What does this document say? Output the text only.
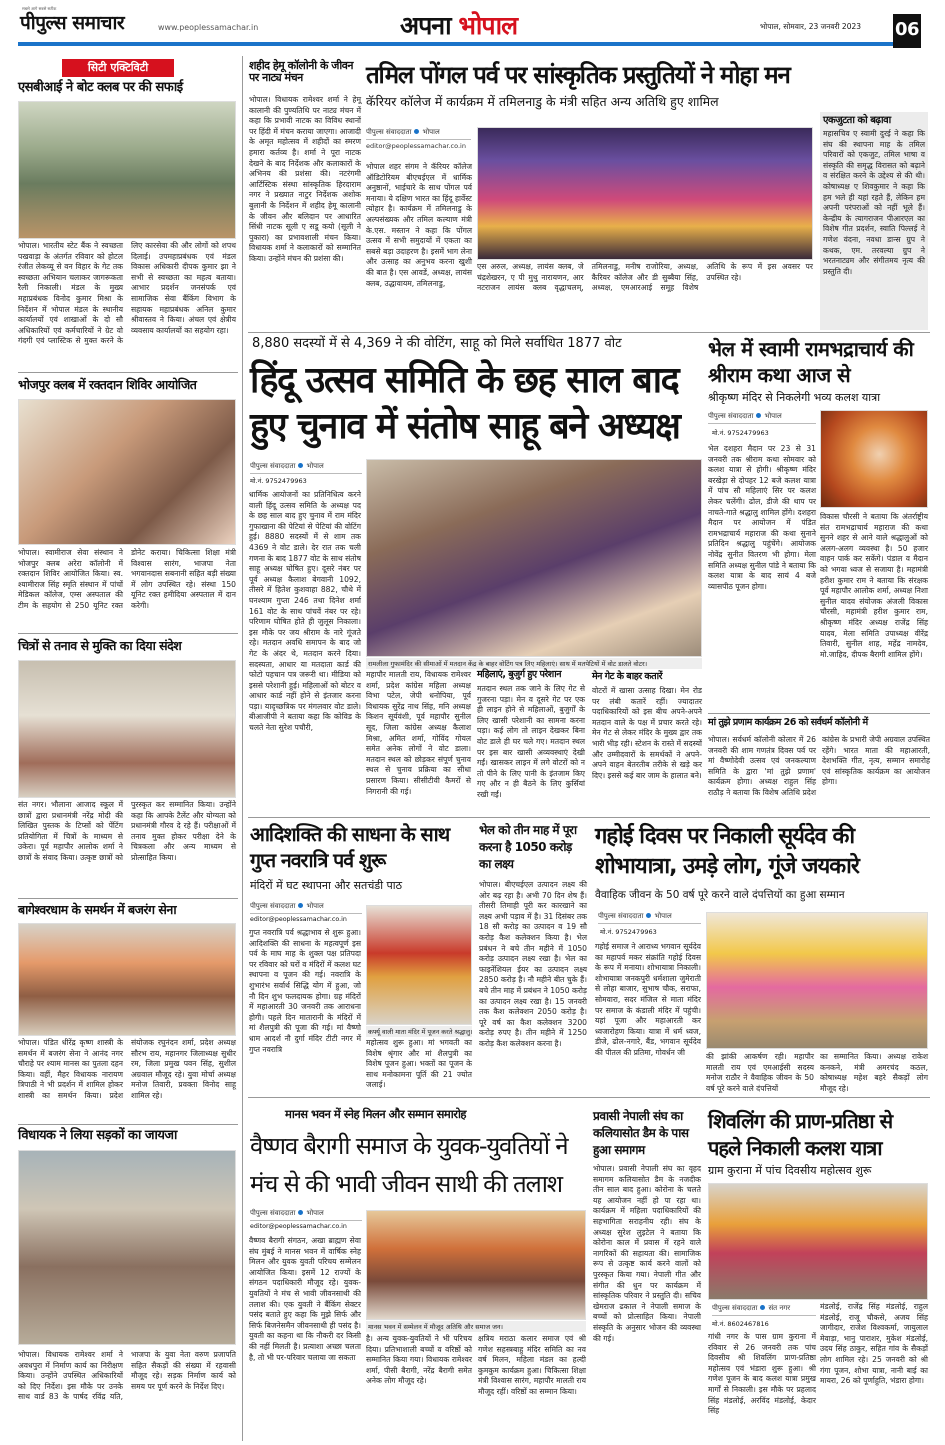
सबसे आगे सबसे सटीक
पीपुल्स समाचार	www.peoplessamachar.in	अपना भोपाल	भोपाल, सोमवार, 23 जनवरी 2023	06
सिटी एक्टिविटी
एसबीआई ने बोट क्लब पर की सफाई
भोपाल। भारतीय स्टेट बैंक ने स्वच्छता पखवाड़ा के अंतर्गत रविवार को होटल रंजीत लेकव्यू से वन विहार के गेट तक स्वच्छता अभियान चलाकर जागरूकता रैली निकाली। मंडल के मुख्य महाप्रबंधक विनोद कुमार मिश्रा के निर्देशन में भोपाल मंडल के स्थानीय कार्यालयों एवं शाखाओं के दो सौ अधिकारियों एवं कर्मचारियों ने ग्रेट वो गंदगी एवं प्लास्टिक से मुक्त करने के लिए कारसेवा की और लोगों को शपथ दिलाई। उपमहाप्रबंधक एवं मंडल विकास अधिकारी दीपक कुमार झा ने सभी से स्वच्छता का महत्व बताया। आभार प्रदर्शन जनसंपर्क एवं सामाजिक सेवा बैंकिंग विभाग के सहायक महाप्रबंधक अनिल कुमार श्रीवास्तव ने किया। अंचल एवं क्षेत्रीय व्यवसाय कार्यालयों का सहयोग रहा।
भोजपुर क्लब में रक्तदान शिविर आयोजित
भोपाल। स्वामीराज सेवा संस्थान ने भोजपुर क्लब अरेरा कॉलोनी में रक्तदान शिविर आयोजित किया। स्व. श्यामीराज सिंह स्मृति संस्थान में पांचों मेडिकल कॉलेज, एम्स अस्पताल की टीम के सहयोग से 250 यूनिट रक्त डोनेट कराया। चिकित्सा शिक्षा मंत्री विश्वास सारंग, भाजपा नेता भगवानदास सबनानी सहित बड़ी संख्या में लोग उपस्थित रहे। संस्था 150 यूनिट रक्त हमीदिया अस्पताल में दान करेगी।
चित्रों से तनाव से मुक्ति का दिया संदेश
संत नगर। भौलाना आजाद स्कूल में छात्रों द्वारा प्रधानमंत्री नरेंद्र मोदी की लिखित पुस्तक के टिप्सों को पेंटिंग प्रतियोगिता में चित्रों के माध्यम से उकेरा। पूर्व महापौर आलोक शर्मा ने छात्रों के संवाद किया। उत्कृष्ट छात्रों को पुरस्कृत कर सम्मानित किया। उन्होंने कहा कि आपके टैलेंट और योग्यता को प्रधानमंत्री गौरव दे रहे हैं। परीक्षाओं में तनाव मुक्त होकर परीक्षा देने के चित्रकला और अन्य माध्यम से प्रोत्साहित किया।
बागेश्वरधाम के समर्थन में बजरंग सेना
भोपाल। पंडित धीरेंद्र कृष्ण शास्त्री के समर्थन में बजरंग सेना ने आनंद नगर चौराहे पर श्याम मानस का पुतला दहन किया। वहीं, मैहर विधायक नारायण त्रिपाठी ने भी प्रदर्शन में शामिल होकर शास्त्री का समर्थन किया। प्रदेश संयोजक रघुनंदन शर्मा, प्रदेश अध्यक्ष सौरभ राय, महानगर जिलाध्यक्ष सुधीर रम, जिला प्रमुख पवन सिंह, सुशील अग्रवाल मौजूद रहे। युवा मोर्चा अध्यक्ष मनोज तिवारी, प्रवक्ता विनोद साहू शामिल रहे।
विधायक ने लिया सड़कों का जायजा
भोपाल। विधायक रामेश्वर शर्मा ने अवधपुरा में निर्माण कार्य का निरीक्षण किया। उन्होंने उपस्थित अधिकारियों को दिए निर्देश। इस मौके पर उनके साथ वार्ड 83 के पार्षद रविंद्र यति, भाजपा के युवा नेता वरुण प्रजापति सहित सैकड़ों की संख्या में रहवासी मौजूद रहे। सड़क निर्माण कार्य को समय पर पूर्ण करने के निर्देश दिए।
शहीद हेमू कॉलोनी के जीवन पर नाट्य मंचन
भोपाल। विधायक रामेश्वर शर्मा ने हेमू कालानी की पुण्यतिथि पर नाट्य मंचन में कहा कि प्रभावी नाटक का विविध स्थानों पर हिंदी में मंचन कराया जाएगा। आजादी के अमृत महोत्सव में शहीदों का स्मरण हमारा कर्तव्य है। शर्मा ने पूरा नाटक देखने के बाद निर्देशक और कलाकारों के अभिनय की प्रशंसा की। नटरंगमी आर्टिस्टिक संस्था सांस्कृतिक हिरदाराम नगर ने प्रख्यात नाटुर निर्देशक अशोक बुलानी के निर्देशन में शहीद हेमू कालानी के जीवन और बलिदान पर आधारित सिंधी नाटक सूली ए सडू कयो (सूली ने पुकारा) का प्रभावशाली मंचन किया। विधायक शर्मा ने कलाकारों को सम्मानित किया। उन्होंने मंचन की प्रशंसा की।
तमिल पोंगल पर्व पर सांस्कृतिक प्रस्तुतियों ने मोहा मन
कॅरियर कॉलेज में कार्यक्रम में तमिलनाडु के मंत्री सहित अन्य अतिथि हुए शामिल
पीपुल्स संवाददाता भोपाल
editor@peoplessamachar.co.in
भोपाल शहर संगम ने कॅरियर कॉलेज ऑडिटोरियम बीएचईएल में धार्मिक अनुष्ठानों, भाईचारे के साथ पोंगल पर्व मनाया। ये दक्षिण भारत का हिंदू हार्वेस्ट त्योहार है। कार्यक्रम में तमिलनाडु के अल्पसंख्यक और तमिल कल्याण मंत्री के.एस. मस्तान ने कहा कि पोंगल उत्सव में सभी समुदायों में एकता का सबसे बड़ा उदाहरण है। इसमें भाग लेना और उत्साह का अनुभव करना खुशी की बात है। एस आवडें, अध्यक्ष, लायंस क्लब, उद्धावायम, तमिलनाडु,
एस अरुल, अध्यक्ष, लायंस क्लब, जे चंद्रशेखरन, ए पी मुथु नारायणन, आर नटराजन लायंस क्लब वृद्धाचलम्, तमिलनाडु, मनीष राजोरिया, अध्यक्ष, कैरियर कॉलेज और डी सुब्बैया सिंह, अध्यक्ष, एमआरआई समूह विशेष अतिथि के रूप में इस अवसर पर उपस्थित रहे।
एकजुटता को बढ़ावा
महासचिव ए स्वामी दुरई ने कहा कि संघ की स्थापना माह के तमिल परिवारों को एकजुट, तमिल भाषा व संस्कृति की समृद्ध विरासत को बढ़ाने व संरक्षित करने के उद्देश्य से की थी। कोषाध्यक्ष ए शिवकुमार ने कहा कि हम भले ही यहां रहते हैं, लेकिन हम अपनी परंपराओं को नहीं भूले हैं। केन्द्रीय के त्यागराजन पीआरएल का विशेष गीत प्रदर्शन, स्वाति पिल्लई ने गणेश वंदना, नवधा डान्स ग्रुप ने कथक, एम. तरवल्या ग्रुप ने भरतनाट्यम और संगीतमय नृत्य की प्रस्तुति दी।
8,880 सदस्यों में से 4,369 ने की वोटिंग, साहू को मिले सर्वाधित 1877 वोट
हिंदू उत्सव समिति के छह साल बाद हुए चुनाव में संतोष साहू बने अध्यक्ष
पीपुल्स संवाददाता भोपाल
मो.नं. 9752479963
धार्मिक आयोजनों का प्रतिनिधित्व करने वाली हिंदू उत्सव समिति के अध्यक्ष पद के छह साल बाद हुए चुनाव में राम मंदिर गुफाखाना की पेटियां से पेटियां की वोटिंग हुई। 8880 सदस्यों में से शाम तक 4369 ने वोट डाले। देर रात तक चली गणना के बाद 1877 वोट के साथ संतोष साहू अध्यक्ष घोषित हुए। दूसरे नंबर पर पूर्व अध्यक्ष कैलाश बेगवानी 1092, तीसरे में हितेश कुशवाहा 882, चौथे में घनश्याम गुप्ता 246 तथा दिनेश शर्मा 161 वोट के साथ पांचवें नंबर पर रहे। परिणाम घोषित होते ही जुलूस निकाला। इस मौके पर जय श्रीराम के नारे गूंजते रहे। मतदान अवधि समापन के बाद जो गेट के अंदर थे, मतदान करने दिया। सदस्यता, आधार या मतदाता कार्ड की फोटो पहचान पत्र जरूरी था। मीडिया को इससे परेशानी हुई। महिलाओं को बोटर व आधार कार्ड नहीं होने से इंतजार करना पड़ा। यादृच्छत्रिक पर मंगलवार वोट डाले। बीआजीपी ने बताया कहा कि कोविड के चलते नेता सुरेश पचौरी,
रामलीला गुफामंदिर की सीमाओं में मतदान केंद्र के बाहर वोटिंग पत्र लिए महिलाएं। साथ में मतपेटियों में वोट डालते वोटर।
महापौर मालती राय, विधायक रामेश्वर शर्मा, प्रदेश कांग्रेस महिला अध्यक्ष विभा पटेल, जेपी धनोपिया, पूर्व विधायक सुरेंद्र नाथ सिंह, मनि अध्यक्ष किशन सूर्यवंशी, पूर्व महापौर सुनील सूद, जिला कांग्रेस अध्यक्ष कैलाश मिश्रा, अमित शर्मा, गोविंद गोयल समेत अनेक लोगों ने वोट डाला। मतदान स्थल को छोड़कर संपूर्ण चुनाव स्थल से चुनाव प्रक्रिया का सीधा प्रसारण किया। सीसीटीवी कैमरों से निगरानी की गई।
महिलाएं, बुजुर्ग हुए परेशान
मतदान स्थल तक जाने के लिए गेट से गुजरना पड़ा। मेन व दूसरे गेट पर एक ही लाइन होने से महिलाओं, बुजुर्गों के लिए खासी परेशानी का सामना करना पड़ा। कई लोग तो लाइन देखकर बिना वोट डाले ही घर चले गए। मतदान स्थल पर इस बार खासी अव्यवस्थाएं देखी गईं। खासकर लाइन में लगे वोटरों को न तो पीने के लिए पानी के इंतजाम किए गए और न ही बैठने के लिए कुर्सियां रखी गईं।
मेन गेट के बाहर कतारें
वोटरों में खासा उत्साह दिखा। मेन रोड पर लंबी कतारें रहीं। ज्यादातर पदाधिकारियों को इस बीच अपने-अपने मतदान वाले के पक्ष में प्रचार करते रहे। मेन गेट से लेकर मंदिर के मुख्य द्वार तक भारी भीड़ रही। स्टेशन के रास्ते में सदस्यों और उम्मीदवारों के समर्थकों ने अपने-अपने वाहन बेतरतीब तरीके से खड़े कर दिए। इससे कई बार जाम के हालात बने।
भेल में स्वामी रामभद्राचार्य की श्रीराम कथा आज से
श्रीकृष्ण मंदिर से निकलेगी भव्य कलश यात्रा
पीपुल्स संवाददाता भोपाल
मो.नं. 9752479963
भेल दशहरा मैदान पर 23 से 31 जनवरी तक श्रीराम कथा सोमवार को कलश यात्रा से होगी। श्रीकृष्ण मंदिर बरखेड़ा से दोपहर 12 बजे कलश यात्रा में पांच सौ महिलाएं सिर पर कलश लेकर चलेंगी। ढोल, डीजे की थाप पर नाचते-गाते श्रद्धालु शामिल होंगे। दशहरा मैदान पर आयोजन में पंडित रामभद्राचार्य महाराज की कथा सुनाने प्रतिदिन श्रद्धालु पहुंचेंगे। आयोजक नोवेंद्र सुनीत वितरण भी होगा। मेला समिति अध्यक्ष सुनील पांडे ने बताया कि कलश यात्रा के बाद सायं 4 बजे व्यासपीठ पूजन होगा।
विकास चौरसी ने बताया कि अंतर्राष्ट्रीय संत रामभद्राचार्य महाराज की कथा सुनने शहर से आने वाले श्रद्धालुओं को अलग-अलग व्यवस्था है। 50 हजार वाहन पार्क कर सकेंगे। पंडाल व मैदान को भगवा ध्वज से सजाया है। महामंत्री हरीश कुमार राम ने बताया कि संरक्षक पूर्व महापौर आलोक शर्मा, अध्यक्ष निशा सुनील यादव संयोजक अंजली विकास चौरसी, महामंत्री हरीश कुमार राम, श्रीकृष्ण मंदिर अध्यक्ष राजेंद्र सिंह यादव, मेला समिति उपाध्यक्ष वीरेंद्र तिवारी, सुनील शाह, महेंद्र नामदेव, मो.जाहिद, दीपक बैरागी शामिल होंगे।
मां तुझे प्रणाम कार्यक्रम 26 को सर्वधर्म कॉलोनी में
भोपाल। सर्वधर्म कॉलोनी कोलार में 26 जनवरी की शाम गणतंत्र दिवस पर्व पर मां वैष्णोदेवी उत्सव एवं जनकल्याण समिति के द्वारा 'मां तुझे प्रणाम' कार्यक्रम होगा। अध्यक्ष राहुल सिंह राठौड़ ने बताया कि विशेष अतिथि प्रदेश कांग्रेस के प्रभारी जेपी अग्रवाल उपस्थित रहेंगे। भारत माता की महाआरती, देशभक्ति गीत, नृत्य, सम्मान समारोह एवं सांस्कृतिक कार्यक्रम का आयोजन होगा।
आदिशक्ति की साधना के साथ गुप्त नवरात्रि पर्व शुरू
मंदिरों में घट स्थापना और सतचंडी पाठ
पीपुल्स संवाददाता भोपाल
editor@peoplessamachar.co.in
गुप्त नवरात्रि पर्व श्रद्धाभाव से शुरू हुआ। आदिशक्ति की साधना के महत्वपूर्ण इस पर्व के माघ माह के शुक्ल पक्ष प्रतिपदा पर रविवार को घरों व मंदिरों में कलश घट स्थापना व पूजन की गई। नवरात्रि के शुभारंभ सर्वार्थ सिद्धि योग में हुआ, जो नौ दिन शुभ फलदायक होगा। ग्रह मंदिरों में महाआरती 30 जनवरी तक आराधना होगी। पहले दिन मातारानी के मंदिरों में मां शैलपुत्री की पूजा की गई। मां वैष्णो धाम आदर्श नौ दुर्गा मंदिर टीटी नगर में गुप्त नवरात्रि
कर्फ्यू वाली माता मंदिर में पूजन करते श्रद्धालु।
महोत्सव शुरू हुआ। मां भगवती का विशेष श्रृंगार और मां शैलपुत्री का विशेष पूजन हुआ। भक्तों का पूजन के साथ मनोकामना पूर्ति की 21 ज्योत जलाई।
भेल को तीन माह में पूरा करना है 1050 करोड़ का लक्ष्य
भोपाल। बीएचईएल उत्पादन लक्ष्य की ओर बढ़ रहा है। अभी 70 दिन शेष हैं। तीसरी तिमाही पूरी कर कारखाने का लक्ष्य अभी पड़ाव में है। 31 दिसंबर तक 18 सौ करोड़ का उत्पादन व 19 सौ करोड़ कैश कलेक्शन किया है। भेल प्रबंधन ने बचे तीन महीने में 1050 करोड़ उत्पादन लक्ष्य रखा है। भेल का फाइनेंशियल ईयर का उत्पादन लक्ष्य 2850 करोड़ है। नौ महीने बीत चुके हैं। बचे तीन माह में प्रबंधन ने 1050 करोड़ का उत्पादन लक्ष्य रखा है। 15 जनवरी तक कैश कलेक्शन 2050 करोड़ है। पूरे वर्ष का कैश कलेक्शन 3200 करोड़ रुपए है। तीन महीने में 1250 करोड़ कैश कलेक्शन करना है।
गहोई दिवस पर निकाली सूर्यदेव की शोभायात्रा, उमड़े लोग, गूंजे जयकारे
वैवाहिक जीवन के 50 वर्ष पूरे करने वाले दंपत्तियों का हुआ सम्मान
पीपुल्स संवाददाता भोपाल
मो.नं. 9752479963
गहोई समाज ने आराध्य भगवान सूर्यदेव का महापर्व मकर संक्रांति गहोई दिवस के रूप में मनाया। शोभायात्रा निकाली। शोभायात्रा जनकपुरी धर्मशाला जुमेराती से लोहा बाजार, सुभाष चौक, सराफा, सोमवारा, सदर मंजिल से माता मंदिर पर समाज के कंडाली मंदिर में पहुंची। यहां पूजा और महाआरती कर ध्वजारोहण किया। यात्रा में धर्म ध्वज, डीजे, ढोल-नगारे, बैंड, भगवान सूर्यदेव की पीतल की प्रतिमा, गोवर्धन जी	की झांकी आकर्षण रही। महापौर मालती राय एवं एमआईसी सदस्य मनोज राठौर ने वैवाहिक जीवन के 50 वर्ष पूरे करने वाले दंपत्तियों
का सम्मानित किया। अध्यक्ष राकेश कनकने, मंत्री अमरचंद कठल, कोषाध्यक्ष महेश बहरे सैकड़ों लोग मौजूद रहे।
मानस भवन में स्नेह मिलन और सम्मान समारोह
वैष्णव बैरागी समाज के युवक-युवतियों ने मंच से की भावी जीवन साथी की तलाश
पीपुल्स संवाददाता भोपाल
editor@peoplessamachar.co.in
वैष्णव बैरागी संगठन, अखा ब्राह्मण सेवा संघ मुंबई ने मानस भवन में वार्षिक स्नेह मिलन और युवक युवती परिचय सम्मेलन आयोजित किया। इसमें 12 राज्यों के संगठन पदाधिकारी मौजूद रहे। युवक-युवतियों ने मंच से भावी जीवनसाथी की तलाश की। एक युवती ने बैंकिंग सेक्टर पसंद बताते हुए कहा कि मुझे सिर्फ और सिर्फ बिजनेसमैन जीवनसाथी ही पसंद है। युवती का कहना था कि नौकरी दर किसी की नहीं मिलती है। प्रत्याशा अच्छा चलता है, तो भी पर-परिवार चलाया जा सकता
मानस भवन में सम्मेलन में मौजूद अतिथि और समाज जन।
है। अन्य युवक-युवतियों ने भी परिचय दिया। प्रतिभाशाली बच्चों व वरिष्ठों को सम्मानित किया गया। विधायक रामेश्वर शर्मा, पीसी बैरागी, नरेंद्र बैरागी समेत अनेक लोग मौजूद रहे।
क्षत्रिय मराठा कलार समाज एवं श्री गणेश सहस्त्रबाहु मंदिर समिति का नव वर्ष मिलन, महिला मंडल का हल्दी कुमकुम कार्यक्रम हुआ। चिकित्सा शिक्षा मंत्री विश्वास सारंग, महापौर मालती राय मौजूद रहीं। वरिष्ठों का सम्मान किया।
प्रवासी नेपाली संघ का कलियासोत डैम के पास हुआ समागम
भोपाल। प्रवासी नेपाली संघ का वृहद समागम कलियासोत डैम के नजदीक तीन साल बाद हुआ। कोरोना के चलते यह आयोजन नहीं हो पा रहा था। कार्यक्रम में महिला पदाधिकारियों की सहभागिता सराहनीय रही। संघ के अध्यक्ष सुरेश लुइटेल ने बताया कि कोरोना काल में प्रवास में रहने वाले नागरिकों की सहायता की। सामाजिक रूप से उत्कृष्ट कार्य करने वालों को पुरस्कृत किया गया। नेपाली गीत और संगीत की धुन पर कार्यक्रम में सांस्कृतिक परिवार ने प्रस्तुति दी। सचिव खेमराज ढकाल ने नेपाली समाज के बच्चों को प्रोत्साहित किया। नेपाली संस्कृति के अनुसार भोजन की व्यवस्था की गई।
शिवलिंग की प्राण-प्रतिष्ठा से पहले निकाली कलश यात्रा
ग्राम कुराना में पांच दिवसीय महोत्सव शुरू
पीपुल्स संवाददाता संत नगर
मो.नं. 8602467816
गांधी नगर के पास ग्राम कुराना में रविवार से 26 जनवरी तक पांच दिवसीय श्री शिवलिंग प्राण-प्रतिष्ठा महोत्सव एवं भंडारा शुरू हुआ। श्री गणेश पूजन के बाद कलश यात्रा प्रमुख मार्गों से निकाली। इस मौके पर प्रहलाद सिंह मंडलोई, अरविंद मंडलोई, केदार सिंह
मंडलोई, राजेंद्र सिंह मंडलोई, राहुल मंडलोई, राजू चौकसे, अजय सिंह जागीदार, राजेश विश्वकर्मा, जायुलाल मेवाड़ा, भानु पाराशर, मुकेश मंडलोई, उदय सिंह ठाकुर, सहित गांव के सैकड़ों लोग शामिल रहे। 25 जनवरी को श्री गंगा पूजन, शोभा यात्रा, नानी बाई का मायरा, 26 को पूर्णाहुति, भंडारा होगा।
